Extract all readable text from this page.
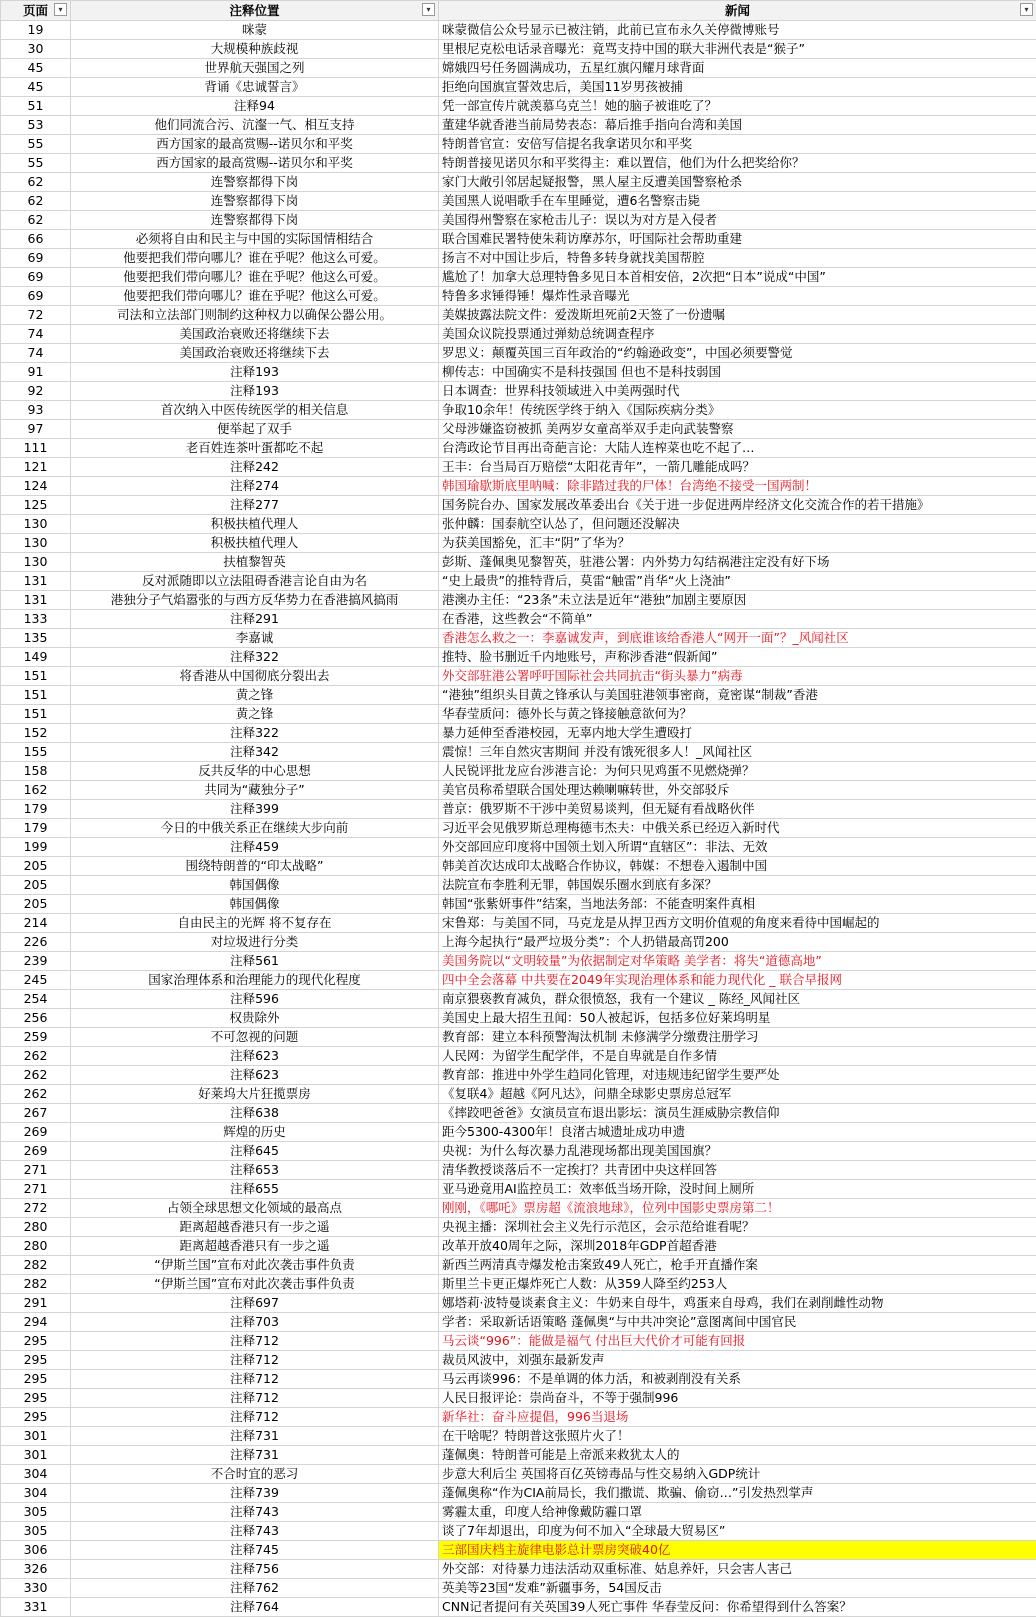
页面 ▾	注释位置 ▾	新闻 ▾

19	咪蒙	咪蒙微信公众号显示已被注销，此前已宣布永久关停微博账号
30	大规模种族歧视	里根尼克松电话录音曝光：竟骂支持中国的联大非洲代表是“猴子”
45	世界航天强国之列	嫦娥四号任务圆满成功，五星红旗闪耀月球背面
45	背诵《忠诚誓言》	拒绝向国旗宣誓效忠后，美国11岁男孩被捕
51	注释94	凭一部宣传片就羡慕乌克兰！她的脑子被谁吃了？
53	他们同流合污、沆瀣一气、相互支持	董建华就香港当前局势表态：幕后推手指向台湾和美国
55	西方国家的最高赏赐--诺贝尔和平奖	特朗普官宣：安倍写信提名我拿诺贝尔和平奖
55	西方国家的最高赏赐--诺贝尔和平奖	特朗普接见诺贝尔和平奖得主：难以置信，他们为什么把奖给你？
62	连警察都得下岗	家门大敞引邻居起疑报警，黑人屋主反遭美国警察枪杀
62	连警察都得下岗	美国黑人说唱歌手在车里睡觉，遭6名警察击毙
62	连警察都得下岗	美国得州警察在家枪击儿子：误以为对方是入侵者
66	必须将自由和民主与中国的实际国情相结合	联合国难民署特使朱莉访摩苏尔，吁国际社会帮助重建
69	他要把我们带向哪儿？谁在乎呢？他这么可爱。	扬言不对中国让步后，特鲁多转身就找美国帮腔
69	他要把我们带向哪儿？谁在乎呢？他这么可爱。	尴尬了！加拿大总理特鲁多见日本首相安倍，2次把“日本”说成“中国”
69	他要把我们带向哪儿？谁在乎呢？他这么可爱。	特鲁多求锤得锤！爆炸性录音曝光
72	司法和立法部门则制约这种权力以确保公器公用。	美媒披露法院文件：爱泼斯坦死前2天签了一份遗嘱
74	美国政治衰败还将继续下去	美国众议院投票通过弹劾总统调查程序
74	美国政治衰败还将继续下去	罗思义：颠覆英国三百年政治的“约翰逊政变”，中国必须要警觉
91	注释193	柳传志：中国确实不是科技强国 但也不是科技弱国
92	注释193	日本调查：世界科技领域进入中美两强时代
93	首次纳入中医传统医学的相关信息	争取10余年！传统医学终于纳入《国际疾病分类》
97	便举起了双手	父母涉嫌盗窃被抓 美两岁女童高举双手走向武装警察
111	老百姓连茶叶蛋都吃不起	台湾政论节目再出奇葩言论：大陆人连榨菜也吃不起了…
121	注释242	王丰：台当局百万赔偿“太阳花青年”，一箭几雕能成吗？
124	注释274	韩国瑜歇斯底里呐喊：除非踏过我的尸体！台湾绝不接受一国两制！
125	注释277	国务院台办、国家发展改革委出台《关于进一步促进两岸经济文化交流合作的若干措施》
130	积极扶植代理人	张仲麟：国泰航空认怂了，但问题还没解决
130	积极扶植代理人	为获美国豁免，汇丰“阴”了华为？
130	扶植黎智英	彭斯、蓬佩奥见黎智英，驻港公署：内外势力勾结祸港注定没有好下场
131	反对派随即以立法阻碍香港言论自由为名	“史上最贵”的推特背后，莫雷“触雷”肖华“火上浇油”
131	港独分子气焰嚣张的与西方反华势力在香港搞风搞雨	港澳办主任：“23条”未立法是近年“港独”加剧主要原因
133	注释291	在香港，这些教会“不简单”
135	李嘉诚	香港怎么救之一：李嘉诚发声，到底谁该给香港人“网开一面”？_风闻社区
149	注释322	推特、脸书删近千内地账号，声称涉香港“假新闻”
151	将香港从中国彻底分裂出去	外交部驻港公署呼吁国际社会共同抗击“街头暴力”病毒
151	黄之锋	“港独”组织头目黄之锋承认与美国驻港领事密商，竟密谋“制裁”香港
151	黄之锋	华春莹质问：德外长与黄之锋接触意欲何为？
152	注释322	暴力延伸至香港校园，无辜内地大学生遭殴打
155	注释342	震惊！三年自然灾害期间 并没有饿死很多人！_风闻社区
158	反共反华的中心思想	人民锐评批龙应台涉港言论：为何只见鸡蛋不见燃烧弹？
162	共同为“藏独分子”	美官员称希望联合国处理达赖喇嘛转世，外交部驳斥
179	注释399	普京：俄罗斯不干涉中美贸易谈判，但无疑有看战略伙伴
179	今日的中俄关系正在继续大步向前	习近平会见俄罗斯总理梅德韦杰夫：中俄关系已经迈入新时代
199	注释459	外交部回应印度将中国领土划入所谓“直辖区”：非法、无效
205	围绕特朗普的“印太战略”	韩美首次达成印太战略合作协议，韩媒：不想卷入遏制中国
205	韩国偶像	法院宣布李胜利无罪，韩国娱乐圈水到底有多深？
205	韩国偶像	韩国“张紫妍事件”结案，当地法务部：不能查明案件真相
214	自由民主的光辉 将不复存在	宋鲁郑：与美国不同，马克龙是从捍卫西方文明价值观的角度来看待中国崛起的
226	对垃圾进行分类	上海今起执行“最严垃圾分类”：个人扔错最高罚200
239	注释561	美国务院以“文明较量”为依据制定对华策略 美学者：将失“道德高地”
245	国家治理体系和治理能力的现代化程度	四中全会落幕 中共要在2049年实现治理体系和能力现代化 _ 联合早报网
254	注释596	南京猥亵教育减负，群众很愤怒，我有一个建议 _ 陈经_风闻社区
256	权贵除外	美国史上最大招生丑闻：50人被起诉，包括多位好莱坞明星
259	不可忽视的问题	教育部：建立本科预警淘汰机制 未修满学分缴费注册学习
262	注释623	人民网：为留学生配学伴，不是自卑就是自作多情
262	注释623	教育部：推进中外学生趋同化管理，对违规违纪留学生要严处
262	好莱坞大片狂揽票房	《复联4》超越《阿凡达》，问鼎全球影史票房总冠军
267	注释638	《摔跤吧爸爸》女演员宣布退出影坛：演员生涯威胁宗教信仰
269	辉煌的历史	距今5300-4300年！良渚古城遗址成功申遗
269	注释645	央视：为什么每次暴力乱港现场都出现美国国旗？
271	注释653	清华教授谈落后不一定挨打？共青团中央这样回答
271	注释655	亚马逊竟用AI监控员工：效率低当场开除，没时间上厕所
272	占领全球思想文化领域的最高点	刚刚，《哪吒》票房超《流浪地球》，位列中国影史票房第二！
280	距离超越香港只有一步之遥	央视主播：深圳社会主义先行示范区，会示范给谁看呢？
280	距离超越香港只有一步之遥	改革开放40周年之际，深圳2018年GDP首超香港
282	“伊斯兰国”宣布对此次袭击事件负责	新西兰两清真寺爆发枪击案致49人死亡，枪手开直播作案
282	“伊斯兰国”宣布对此次袭击事件负责	斯里兰卡更正爆炸死亡人数：从359人降至约253人
291	注释697	娜塔莉·波特曼谈素食主义：牛奶来自母牛，鸡蛋来自母鸡，我们在剥削雌性动物
294	注释703	学者：采取新话语策略 蓬佩奥“与中共冲突论”意图离间中国官民
295	注释712	马云谈“996”：能做是福气 付出巨大代价才可能有回报
295	注释712	裁员风波中，刘强东最新发声
295	注释712	马云再谈996：不是单调的体力活，和被剥削没有关系
295	注释712	人民日报评论：崇尚奋斗，不等于强制996
295	注释712	新华社：奋斗应提倡，996当退场
301	注释731	在干啥呢？特朗普这张照片火了！
301	注释731	蓬佩奥：特朗普可能是上帝派来救犹太人的
304	不合时宜的恶习	步意大利后尘 英国将百亿英镑毒品与性交易纳入GDP统计
304	注释739	蓬佩奥称“作为CIA前局长，我们撒谎、欺骗、偷窃…”引发热烈掌声
305	注释743	雾霾太重，印度人给神像戴防霾口罩
305	注释743	谈了7年却退出，印度为何不加入“全球最大贸易区”
306	注释745	三部国庆档主旋律电影总计票房突破40亿
326	注释756	外交部：对待暴力违法活动双重标准、姑息养奸，只会害人害己
330	注释762	英美等23国“发难”新疆事务，54国反击
331	注释764	CNN记者提问有关英国39人死亡事件 华春莹反问：你希望得到什么答案？
